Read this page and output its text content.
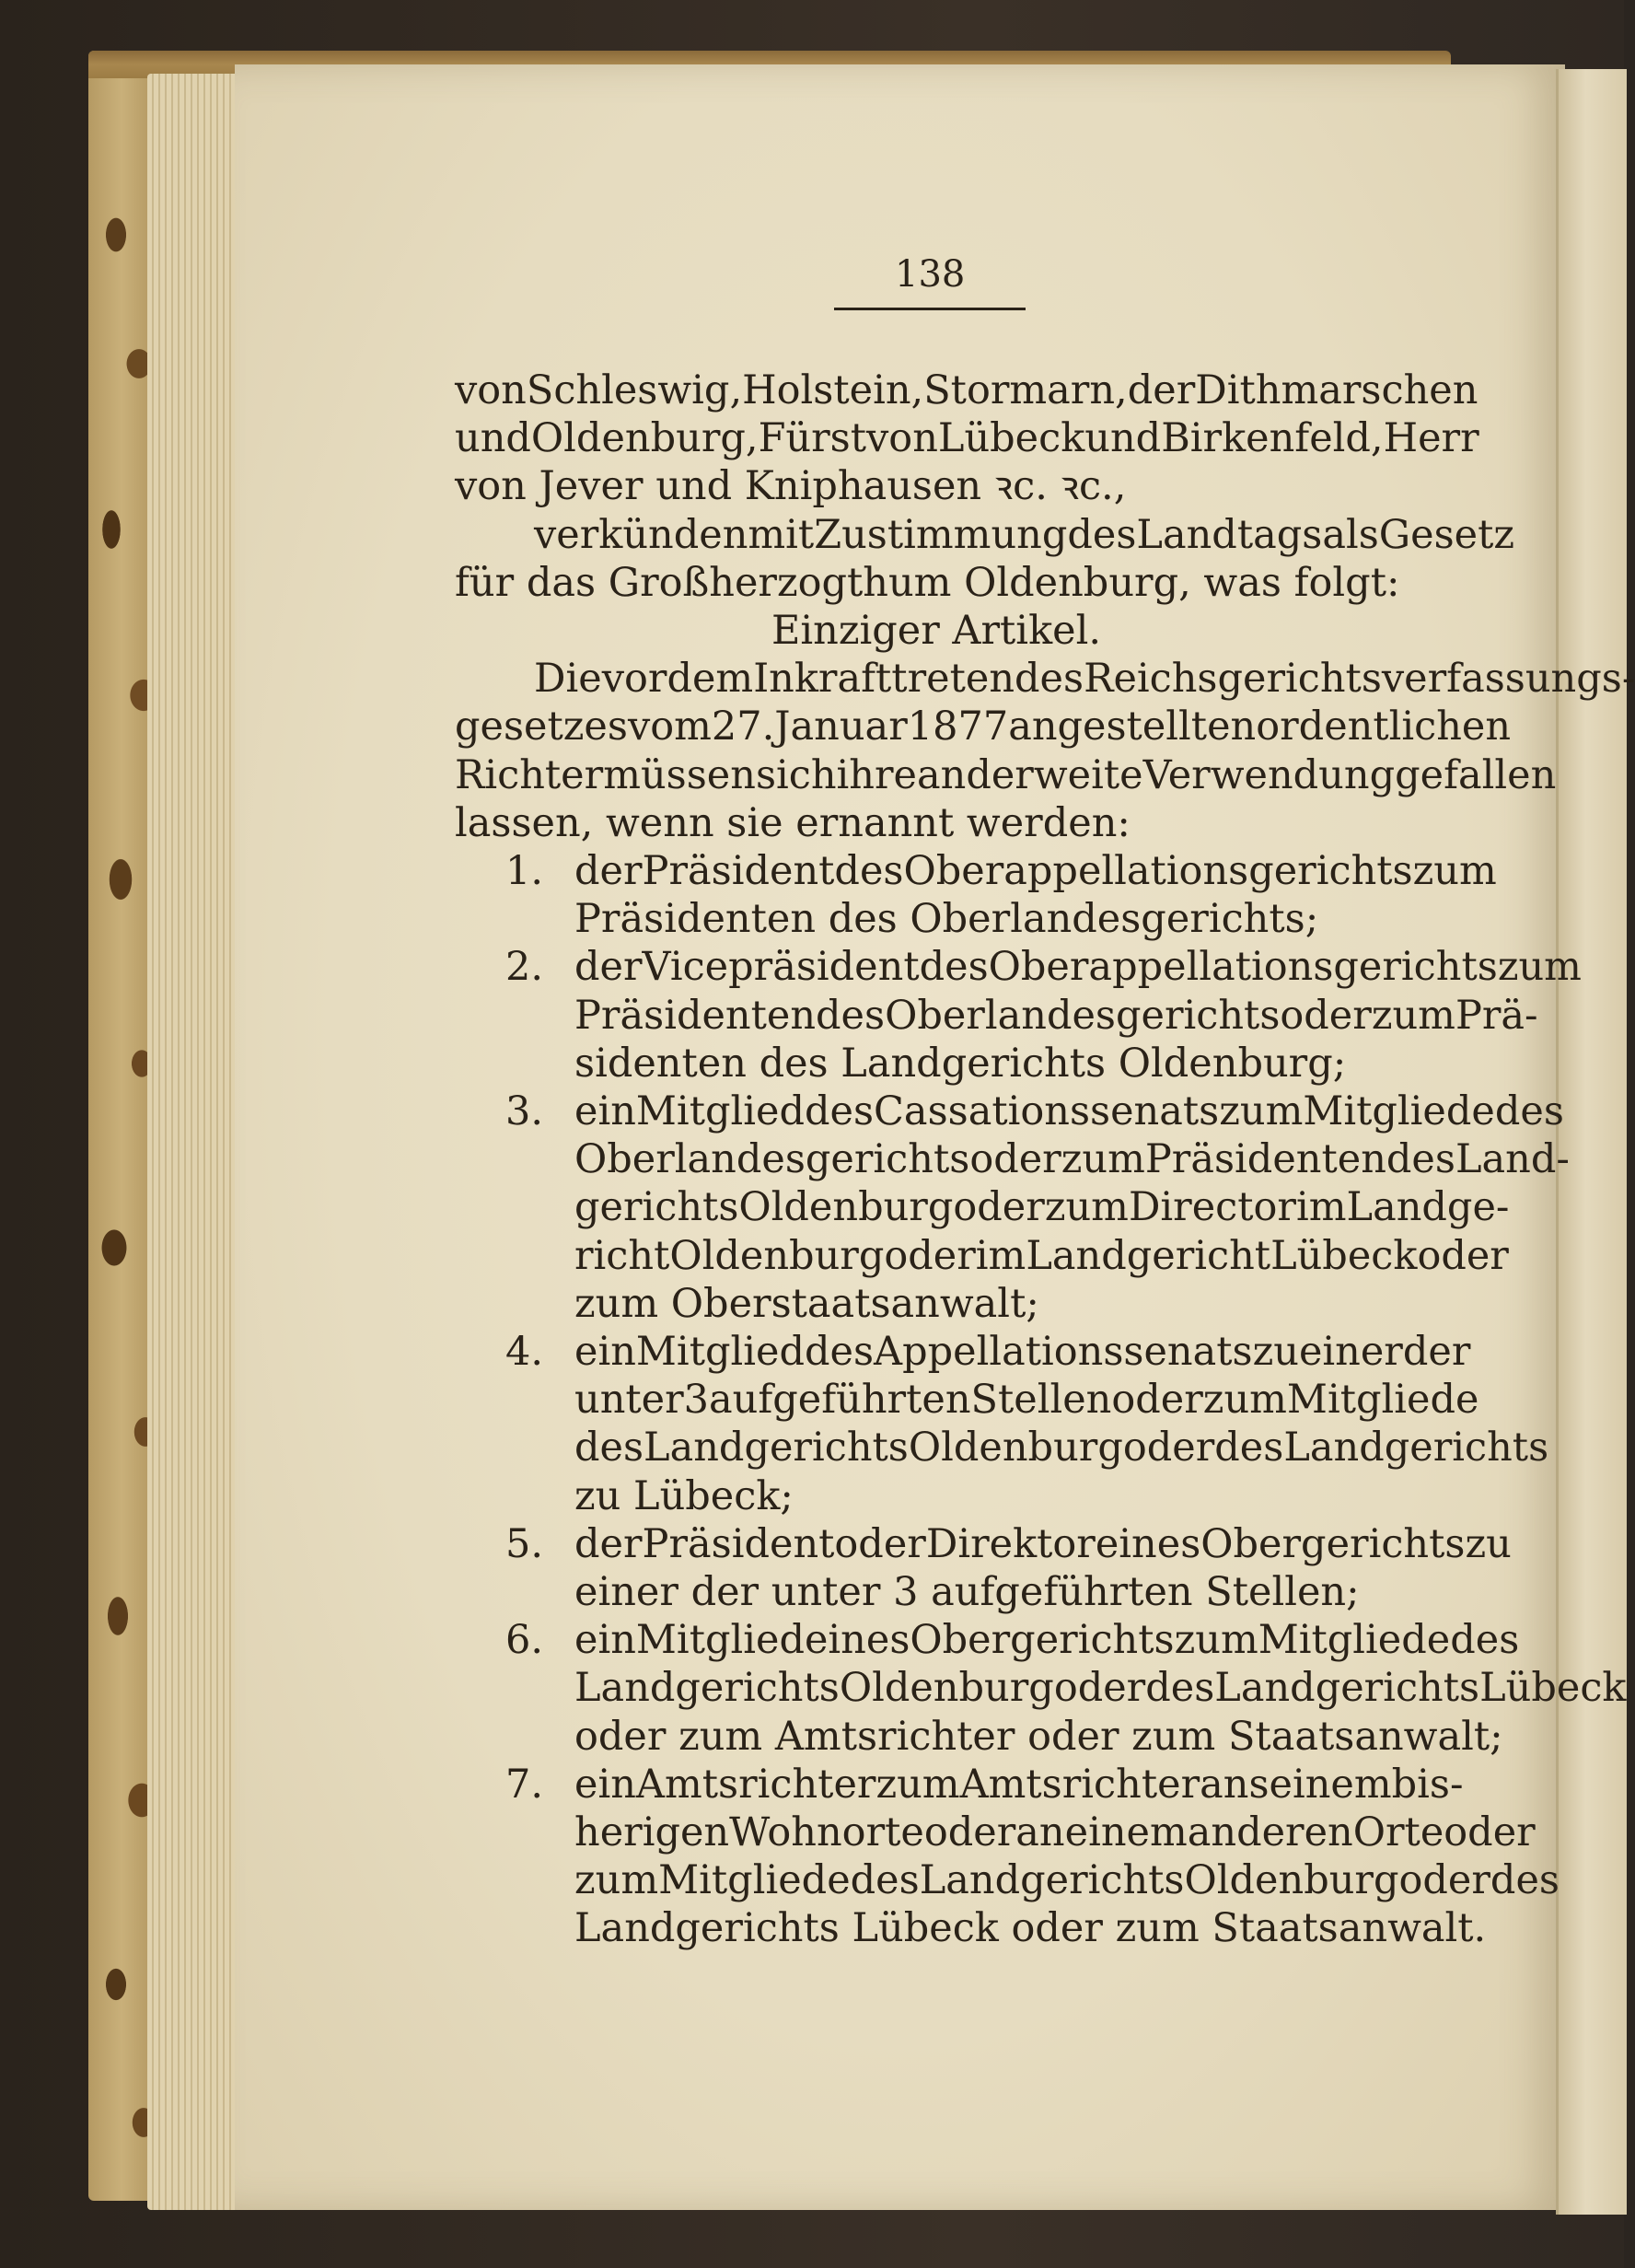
138
von Schleswig, Holstein, Stormarn, der Dithmarschen
und Oldenburg, Fürst von Lübeck und Birkenfeld, Herr
von Jever und Kniphausen ꝛc. ꝛc.,
verkünden mit Zustimmung des Landtags als Gesetz
für das Großherzogthum Oldenburg, was folgt:
Einziger Artikel.
Die vor dem Inkrafttreten des Reichsgerichtsverfassungs-
gesetzes vom 27. Januar 1877 angestellten ordentlichen
Richter müssen sich ihre anderweite Verwendung gefallen
lassen, wenn sie ernannt werden:
1. der Präsident des Oberappellationsgerichts zum
Präsidenten des Oberlandesgerichts;
2. der Vicepräsident des Oberappellationsgerichts zum
Präsidenten des Oberlandesgerichts oder zum Prä-
sidenten des Landgerichts Oldenburg;
3. ein Mitglied des Cassationssenats zum Mitgliede des
Oberlandesgerichts oder zum Präsidenten des Land-
gerichts Oldenburg oder zum Director im Landge-
richt Oldenburg oder im Landgericht Lübeck oder
zum Oberstaatsanwalt;
4. ein Mitglied des Appellationssenats zu einer der
unter 3 aufgeführten Stellen oder zum Mitgliede
des Landgerichts Oldenburg oder des Landgerichts
zu Lübeck;
5. der Präsident oder Direktor eines Obergerichts zu
einer der unter 3 aufgeführten Stellen;
6. ein Mitglied eines Obergerichts zum Mitgliede des
Landgerichts Oldenburg oder des Landgerichts Lübeck
oder zum Amtsrichter oder zum Staatsanwalt;
7. ein Amtsrichter zum Amtsrichter an seinem bis-
herigen Wohnorte oder an einem anderen Orte oder
zum Mitgliede des Landgerichts Oldenburg oder des
Landgerichts Lübeck oder zum Staatsanwalt.
